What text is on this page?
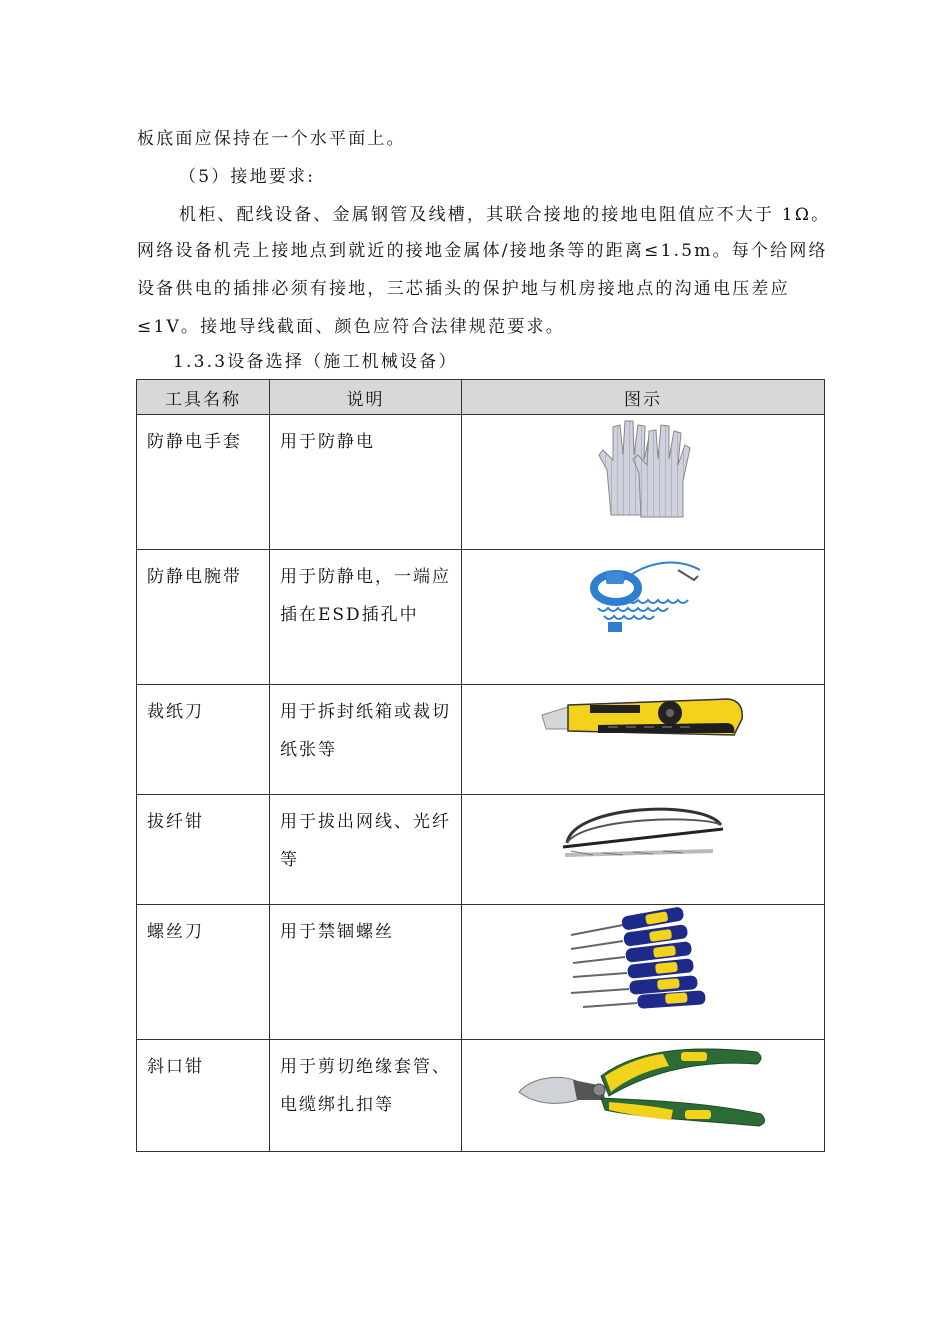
板底面应保持在一个水平面上。
（5）接地要求:
机柜、配线设备、金属钢管及线槽，其联合接地的接地电阻值应不大于 1Ω。
网络设备机壳上接地点到就近的接地金属体/接地条等的距离≤1.5m。每个给网络
设备供电的插排必须有接地，三芯插头的保护地与机房接地点的沟通电压差应
≤1V。接地导线截面、颜色应符合法律规范要求。
1.3.3设备选择（施工机械设备）
工具名称	说明	图示

防静电手套	用于防静电

防静电腕带	用于防静电，一端应插在ESD插孔中

裁纸刀	用于拆封纸箱或裁切纸张等

拔纤钳	用于拔出网线、光纤等

螺丝刀	用于禁锢螺丝

斜口钳	用于剪切绝缘套管、电缆绑扎扣等
